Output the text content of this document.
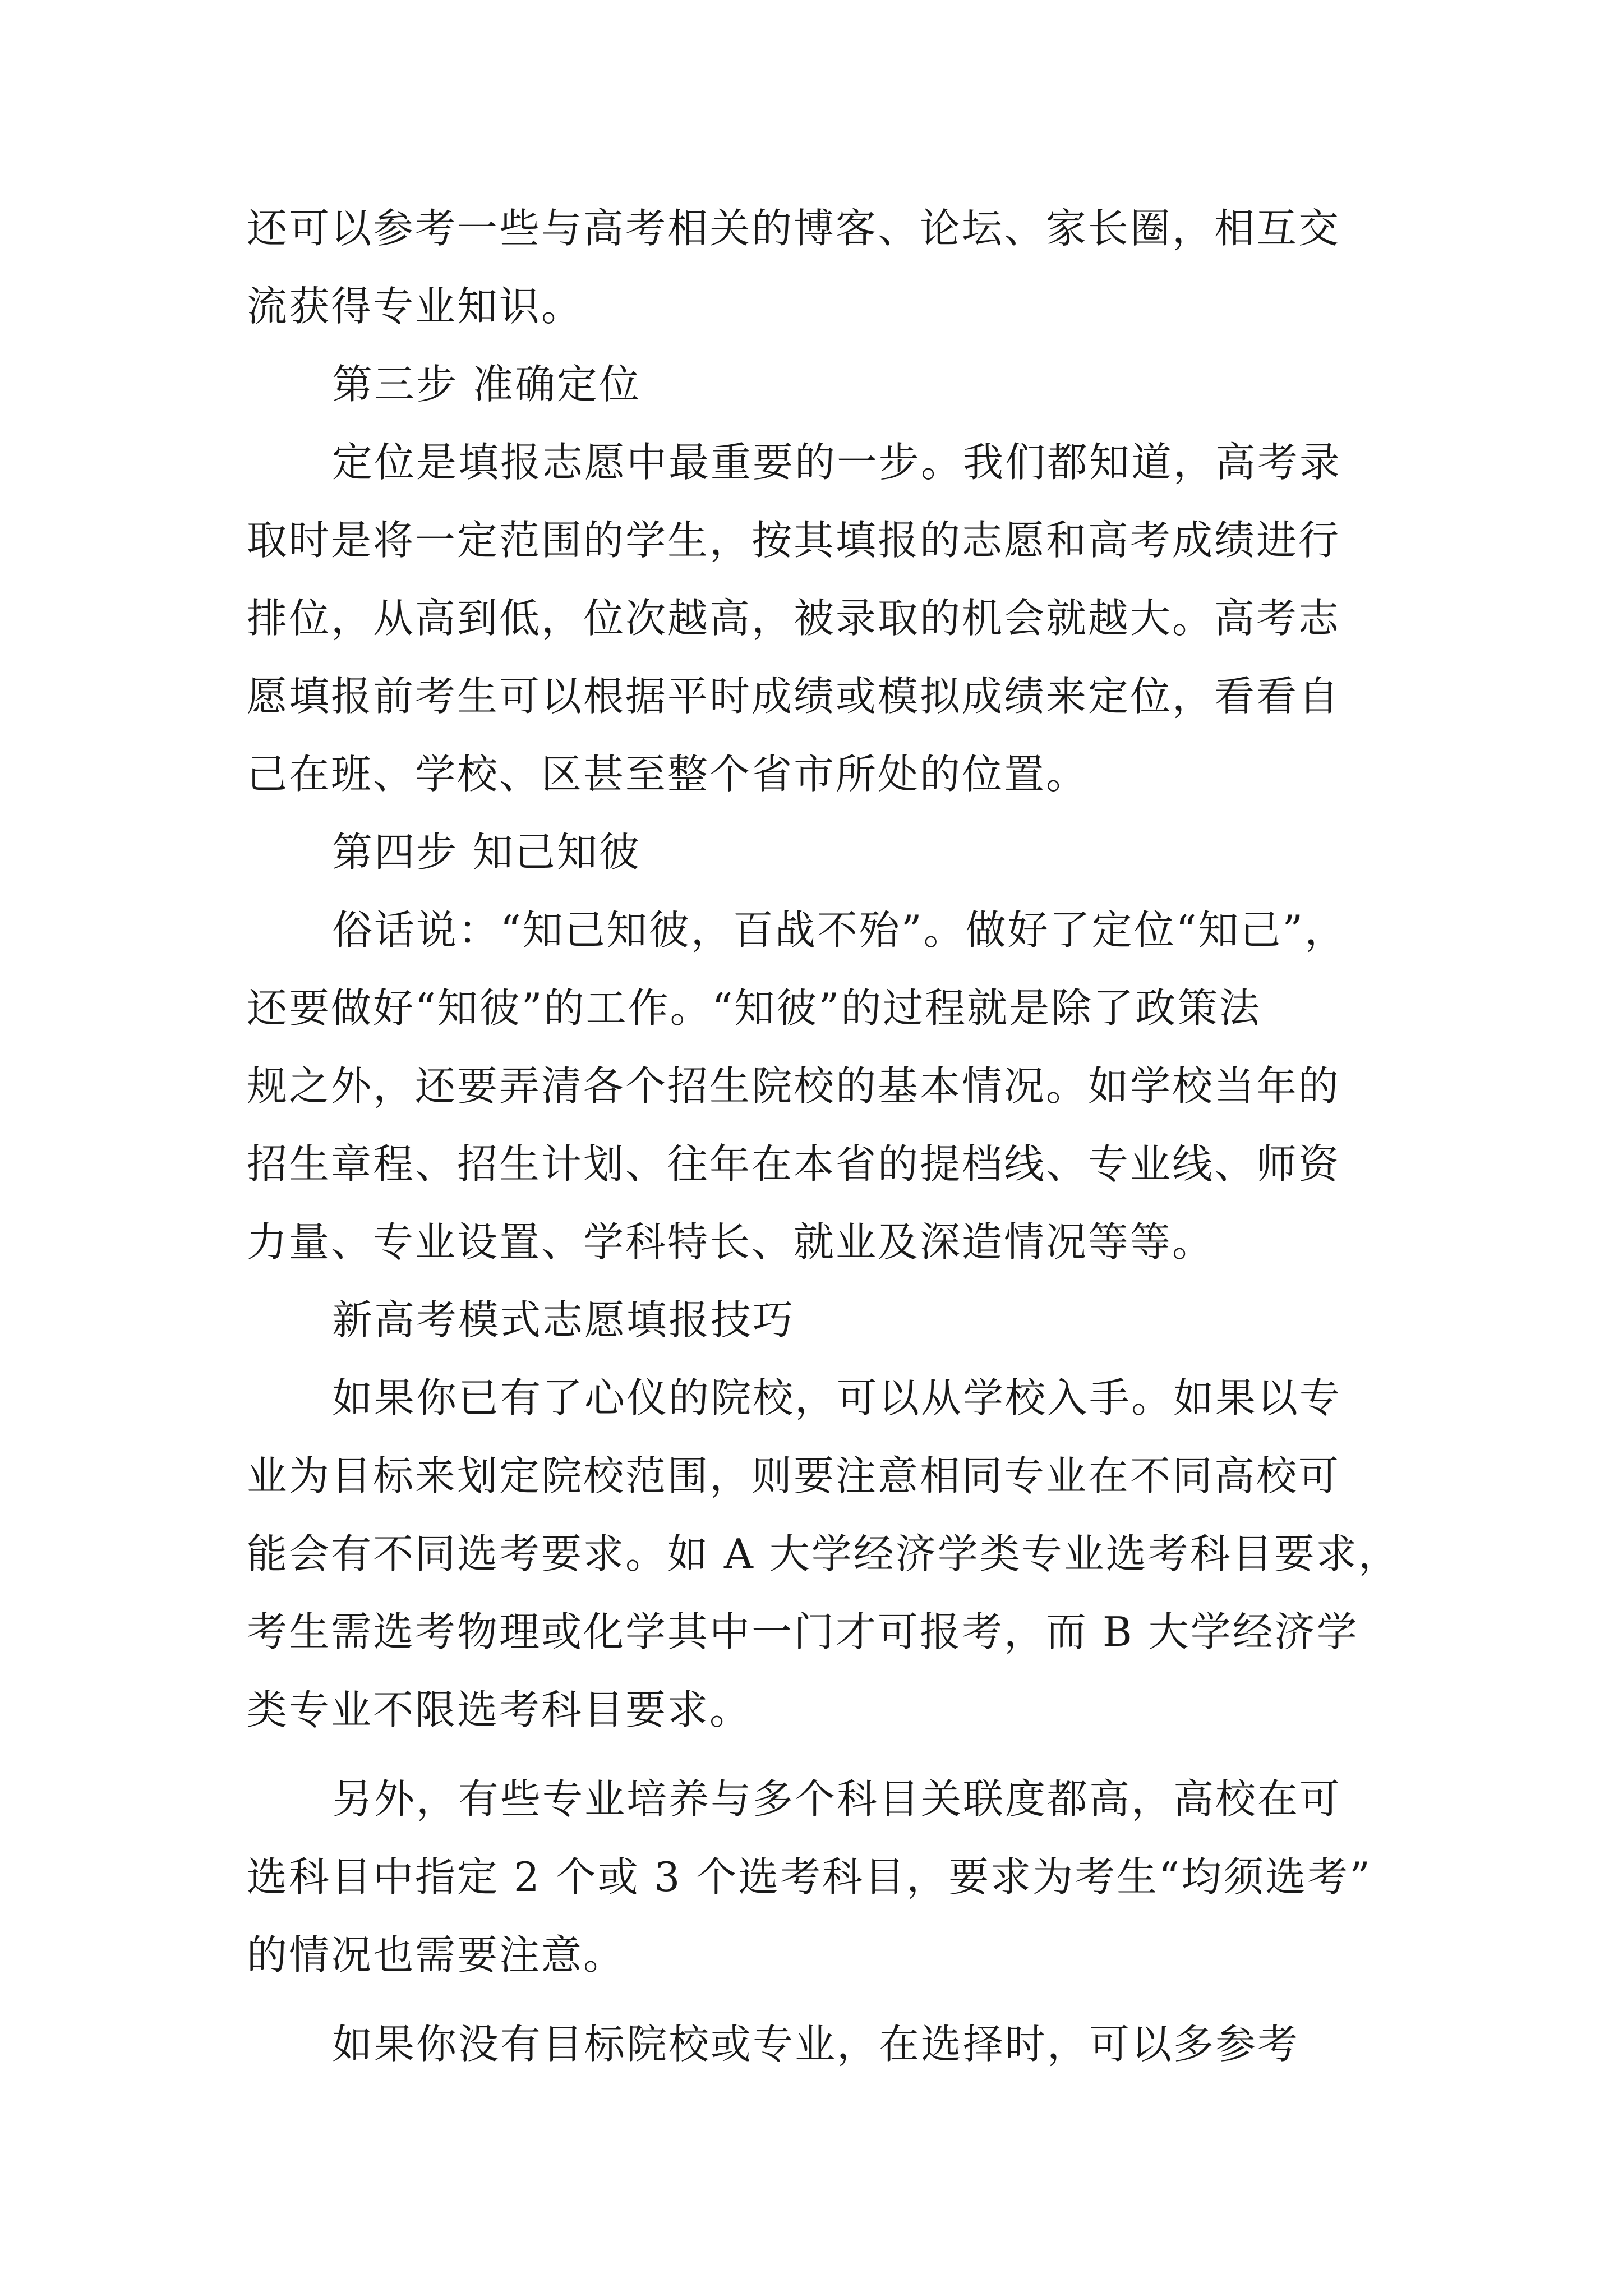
还可以参考一些与高考相关的博客、论坛、家长圈，相互交
流获得专业知识。
第三步 准确定位
定位是填报志愿中最重要的一步。我们都知道，高考录
取时是将一定范围的学生，按其填报的志愿和高考成绩进行
排位，从高到低，位次越高，被录取的机会就越大。高考志
愿填报前考生可以根据平时成绩或模拟成绩来定位，看看自
己在班、学校、区甚至整个省市所处的位置。
第四步 知己知彼
俗话说：“知己知彼，百战不殆”。做好了定位“知己”，
还要做好“知彼”的工作。“知彼”的过程就是除了政策法
规之外，还要弄清各个招生院校的基本情况。如学校当年的
招生章程、招生计划、往年在本省的提档线、专业线、师资
力量、专业设置、学科特长、就业及深造情况等等。
新高考模式志愿填报技巧
如果你已有了心仪的院校，可以从学校入手。如果以专
业为目标来划定院校范围，则要注意相同专业在不同高校可
能会有不同选考要求。如 A 大学经济学类专业选考科目要求，
考生需选考物理或化学其中一门才可报考，而 B 大学经济学
类专业不限选考科目要求。
另外，有些专业培养与多个科目关联度都高，高校在可
选科目中指定 2 个或 3 个选考科目，要求为考生“均须选考”
的情况也需要注意。
如果你没有目标院校或专业，在选择时，可以多参考
